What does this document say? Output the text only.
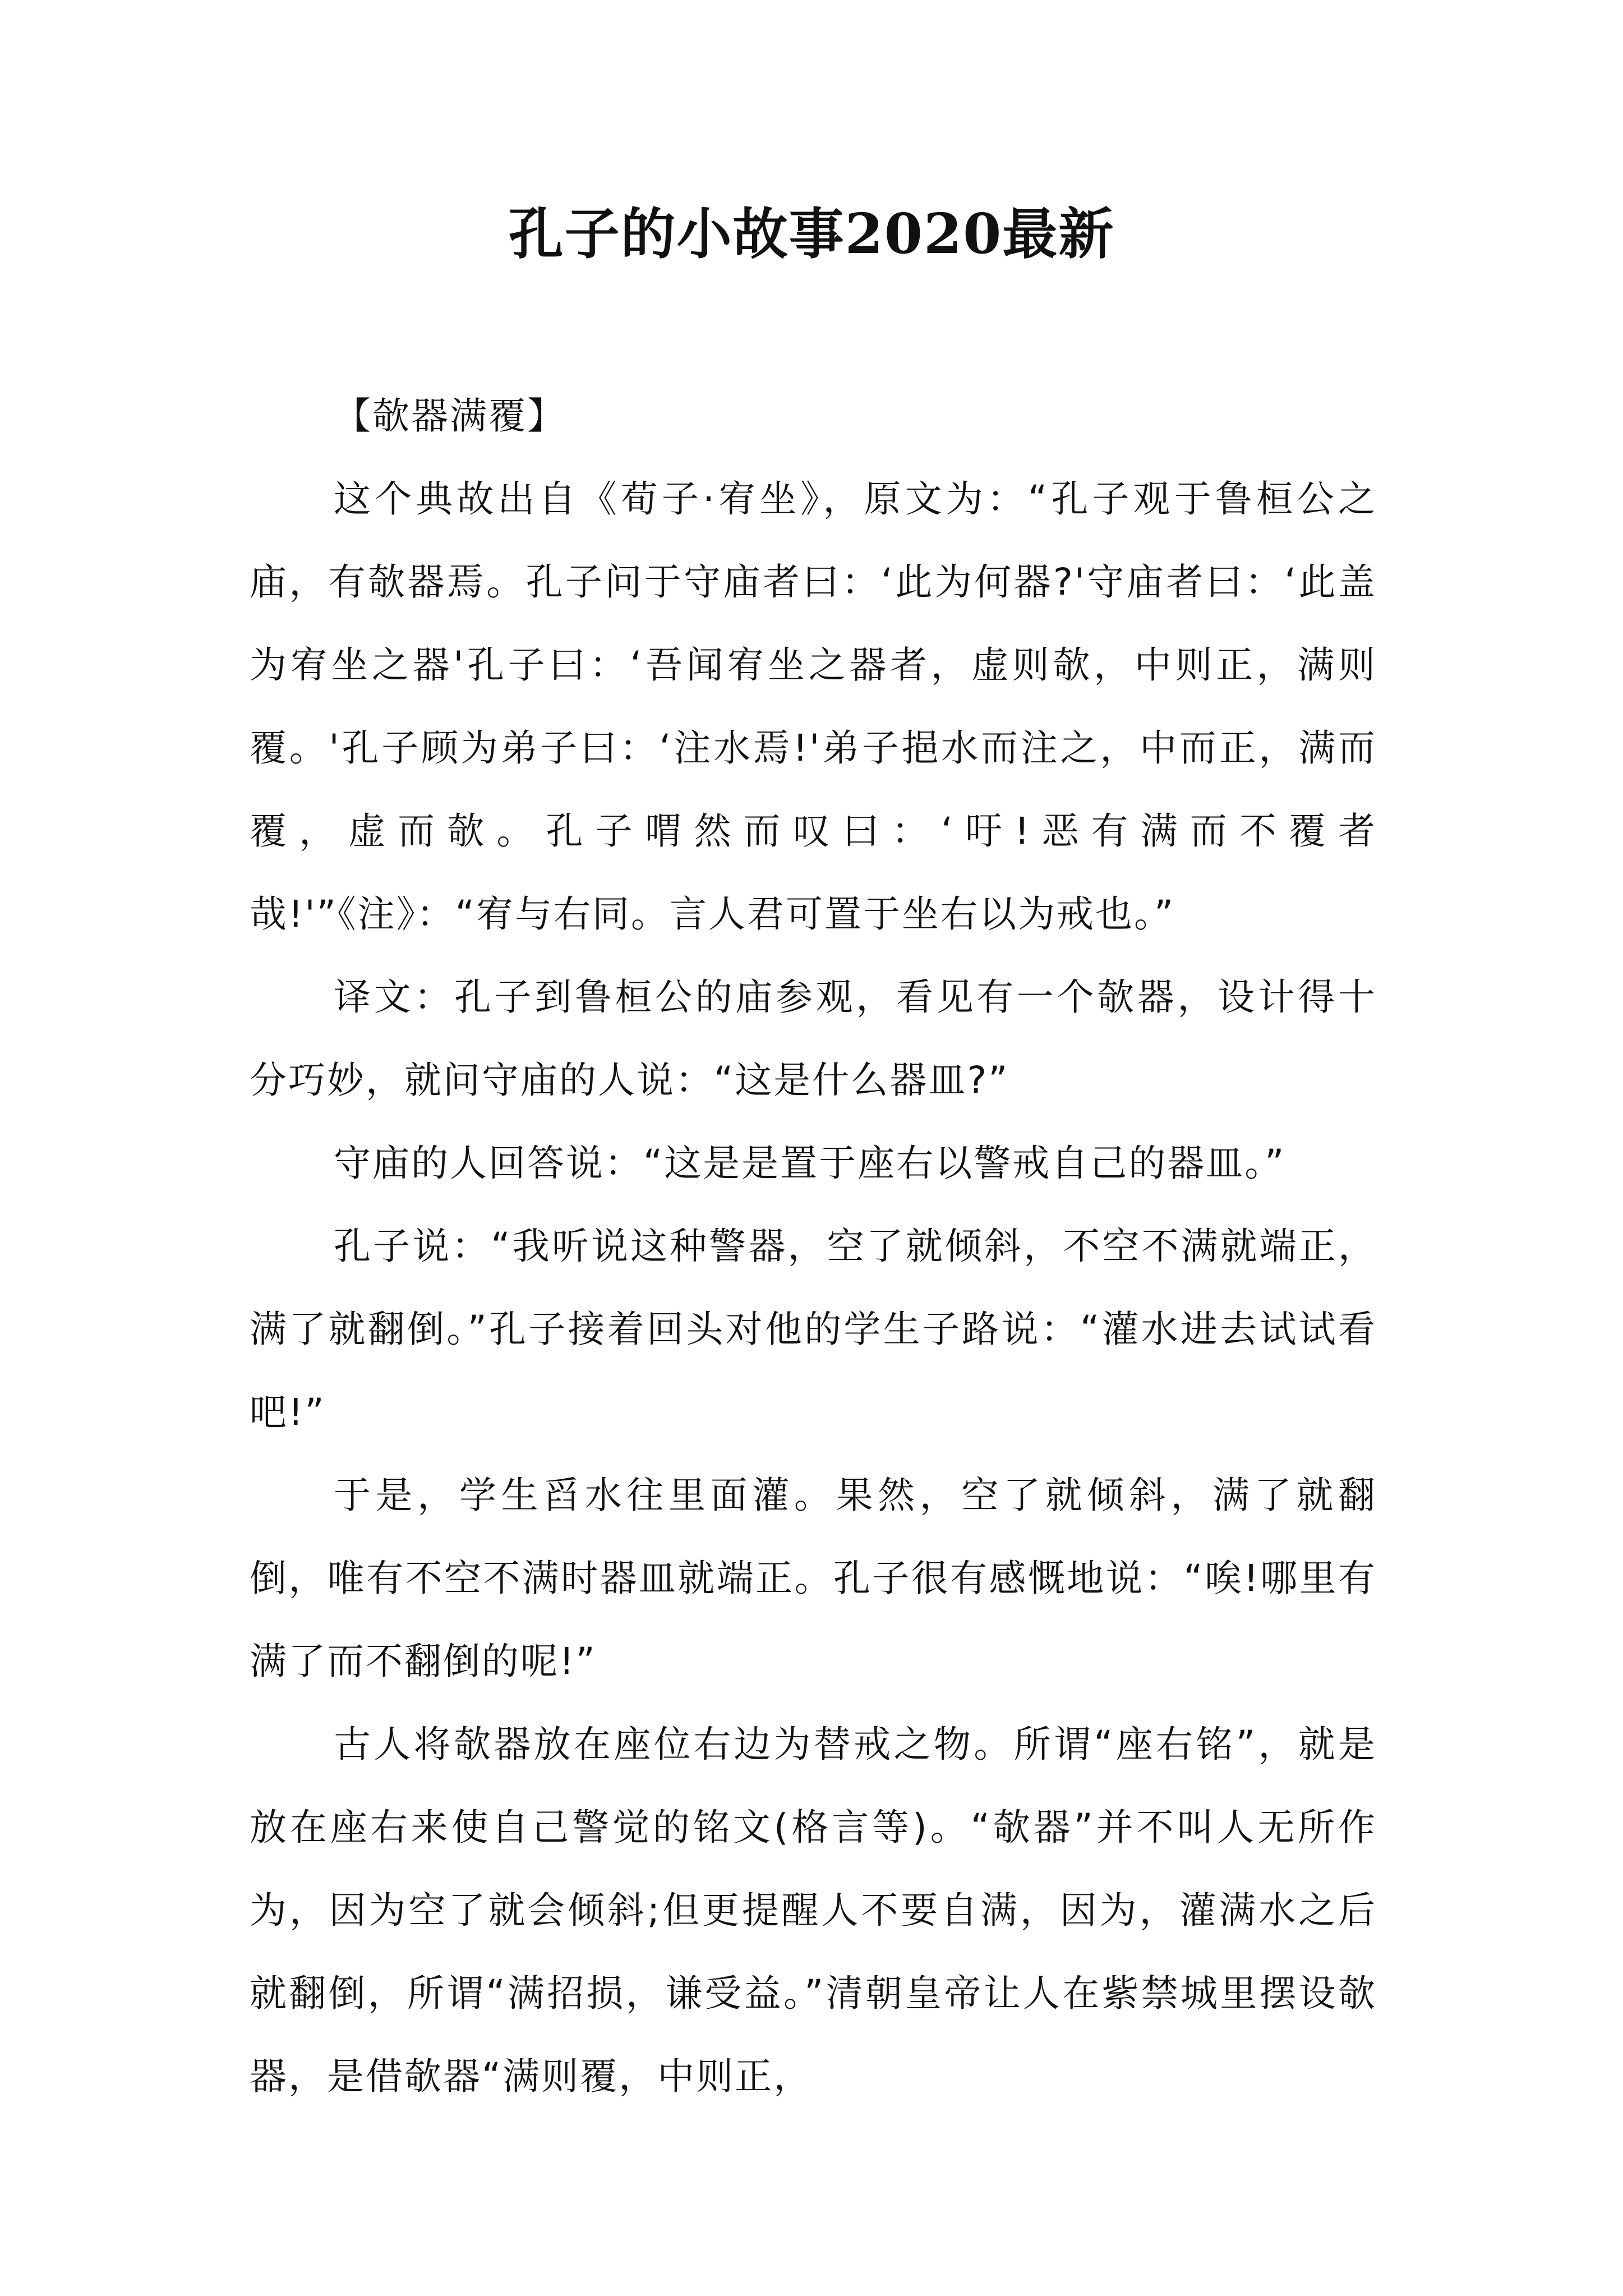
孔子的小故事2020最新

【欹器满覆】

这个典故出自《荀子·宥坐》，原文为：“孔子观于鲁桓公之庙，有欹器焉。孔子问于守庙者曰：‘此为何器?'守庙者曰：‘此盖为宥坐之器'孔子曰：‘吾闻宥坐之器者，虚则欹，中则正，满则覆。'孔子顾为弟子曰：‘注水焉!'弟子挹水而注之，中而正，满而覆，虚而欹。孔子喟然而叹曰：‘吁!恶有满而不覆者哉!'”《注》：“宥与右同。言人君可置于坐右以为戒也。”

译文：孔子到鲁桓公的庙参观，看见有一个欹器，设计得十分巧妙，就问守庙的人说：“这是什么器皿?”

守庙的人回答说：“这是是置于座右以警戒自己的器皿。”

孔子说：“我听说这种警器，空了就倾斜，不空不满就端正，满了就翻倒。”孔子接着回头对他的学生子路说：“灌水进去试试看吧!”

于是，学生舀水往里面灌。果然，空了就倾斜，满了就翻倒，唯有不空不满时器皿就端正。孔子很有感慨地说：“唉!哪里有满了而不翻倒的呢!”

古人将欹器放在座位右边为替戒之物。所谓“座右铭”，就是放在座右来使自己警觉的铭文(格言等)。“欹器”并不叫人无所作为，因为空了就会倾斜;但更提醒人不要自满，因为，灌满水之后就翻倒，所谓“满招损，谦受益。”清朝皇帝让人在紫禁城里摆设欹器，是借欹器“满则覆，中则正，
